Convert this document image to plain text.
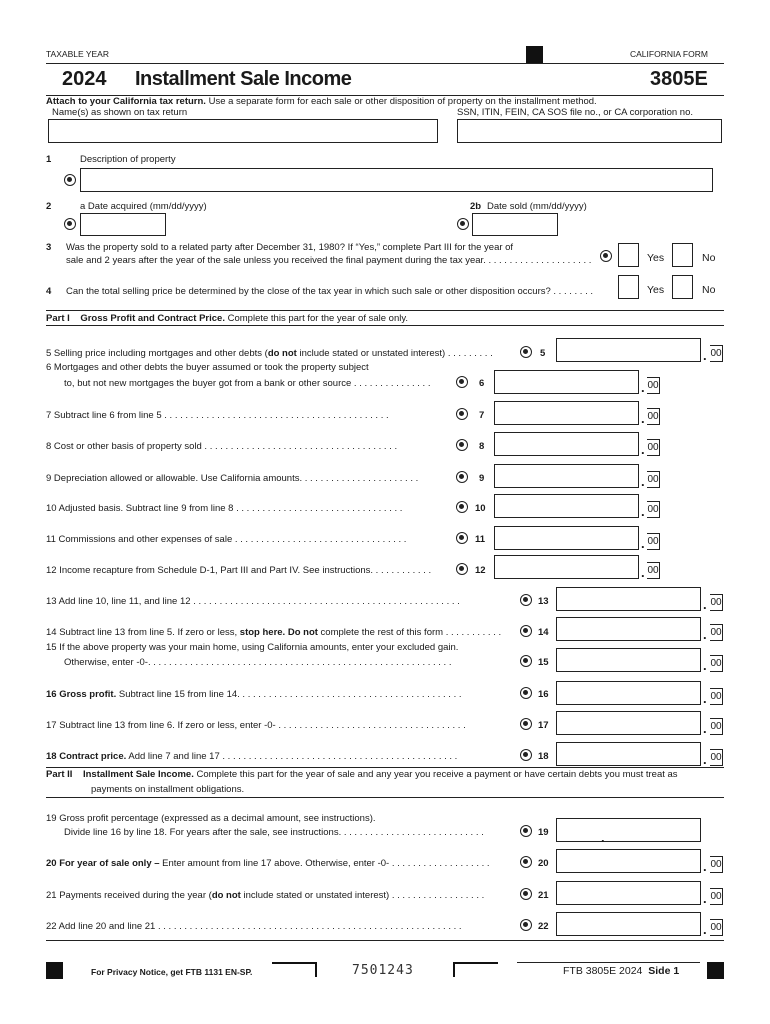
TAXABLE YEAR	CALIFORNIA FORM
2024 Installment Sale Income	3805E
Attach to your California tax return. Use a separate form for each sale or other disposition of property on the installment method.
Name(s) as shown on tax return	SSN, ITIN, FEIN, CA SOS file no., or CA corporation no.
1	Description of property
2	a Date acquired (mm/dd/yyyy)	2b Date sold (mm/dd/yyyy)
3 Was the property sold to a related party after December 31, 1980? If “Yes,” complete Part III for the year of
sale and 2 years after the year of the sale unless you received the final payment during the tax year. . . . . . . . . . . . . . . . . . . . .	Yes	No
4 Can the total selling price be determined by the close of the tax year in which such sale or other disposition occurs? . . . . . . . .	Yes	No
Part I Gross Profit and Contract Price. Complete this part for the year of sale only.
5 Selling price including mortgages and other debts (do not include stated or unstated interest) . . . . . . . . .	5	. 00
6 Mortgages and other debts the buyer assumed or took the property subject
to, but not new mortgages the buyer got from a bank or other source . . . . . . . . . . . . . . .	6	. 00
7 Subtract line 6 from line 5 . . . . . . . . . . . . . . . . . . . . . . . . . . . . . . . . . . . . . . . . . . .	7	. 00
8 Cost or other basis of property sold . . . . . . . . . . . . . . . . . . . . . . . . . . . . . . . . . . . . .	8	. 00
9 Depreciation allowed or allowable. Use California amounts. . . . . . . . . . . . . . . . . . . . . . .	9	. 00
10 Adjusted basis. Subtract line 9 from line 8 . . . . . . . . . . . . . . . . . . . . . . . . . . . . . . . .	10	. 00
11 Commissions and other expenses of sale . . . . . . . . . . . . . . . . . . . . . . . . . . . . . . . . .	11	. 00
12 Income recapture from Schedule D-1, Part III and Part IV. See instructions. . . . . . . . . . . .	12	. 00
13 Add line 10, line 11, and line 12 . . . . . . . . . . . . . . . . . . . . . . . . . . . . . . . . . . . . . . . . . . . . . . . . . . .	13	. 00
14 Subtract line 13 from line 5. If zero or less, stop here. Do not complete the rest of this form . . . . . . . . . . .	14	. 00
15 If the above property was your main home, using California amounts, enter your excluded gain.
Otherwise, enter -0-. . . . . . . . . . . . . . . . . . . . . . . . . . . . . . . . . . . . . . . . . . . . . . . . . . . . . . . . . .	15	. 00
16 Gross profit. Subtract line 15 from line 14. . . . . . . . . . . . . . . . . . . . . . . . . . . . . . . . . . . . . . . . . . .	16	. 00
17 Subtract line 13 from line 6. If zero or less, enter -0- . . . . . . . . . . . . . . . . . . . . . . . . . . . . . . . . . . . .	17	. 00
18 Contract price. Add line 7 and line 17 . . . . . . . . . . . . . . . . . . . . . . . . . . . . . . . . . . . . . . . . . . . . .	18	. 00
Part II Installment Sale Income. Complete this part for the year of sale and any year you receive a payment or have certain debts you must treat as
payments on installment obligations.
19 Gross profit percentage (expressed as a decimal amount, see instructions).
Divide line 16 by line 18. For years after the sale, see instructions. . . . . . . . . . . . . . . . . . . . . . . . . . . .	19	.
20 For year of sale only – Enter amount from line 17 above. Otherwise, enter -0- . . . . . . . . . . . . . . . . . . .	20	. 00
21 Payments received during the year (do not include stated or unstated interest) . . . . . . . . . . . . . . . . . .	21	. 00
22 Add line 20 and line 21 . . . . . . . . . . . . . . . . . . . . . . . . . . . . . . . . . . . . . . . . . . . . . . . . . . . . . . . . . .	22	. 00
For Privacy Notice, get FTB 1131 EN-SP.	7501243	FTB 3805E 2024 Side 1
